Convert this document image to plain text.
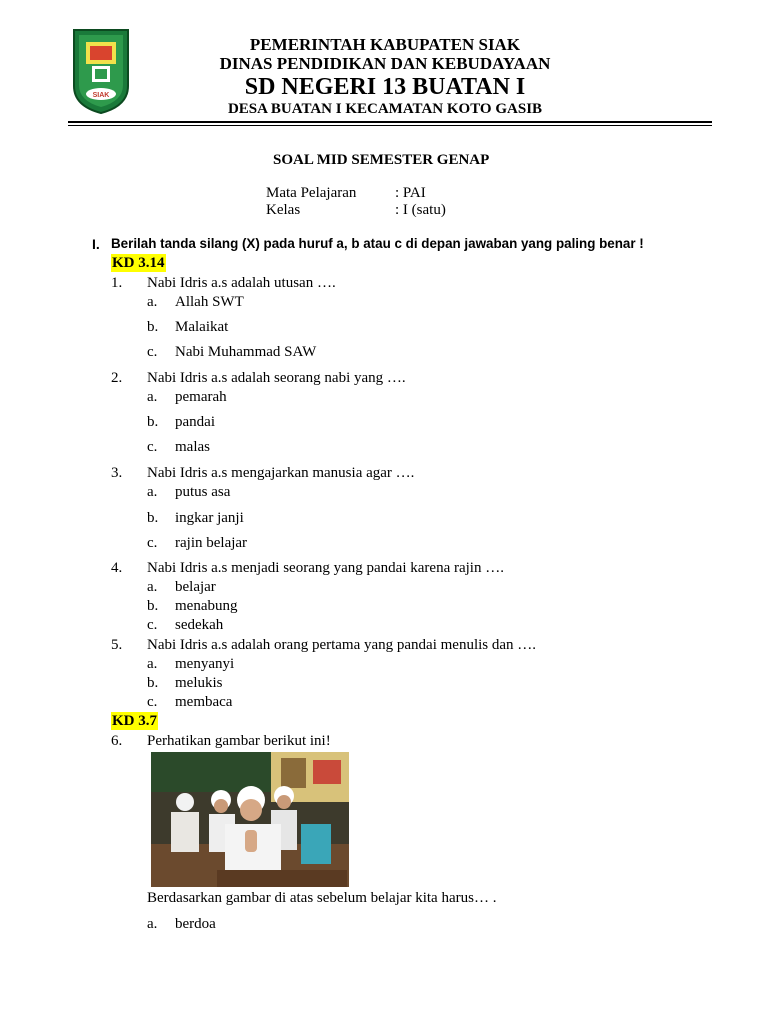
SIAK
PEMERINTAH KABUPATEN SIAK
DINAS PENDIDIKAN DAN KEBUDAYAAN
SD NEGERI 13 BUATAN I
DESA BUATAN I KECAMATAN KOTO GASIB
SOAL MID SEMESTER GENAP
Mata Pelajaran	: PAI
Kelas	: I (satu)
I. Berilah tanda silang (X) pada huruf a, b atau c di depan jawaban yang paling benar !
KD 3.14
1. Nabi Idris a.s adalah utusan ….
a. Allah SWT
b. Malaikat
c. Nabi Muhammad SAW
2. Nabi Idris a.s adalah seorang nabi yang ….
a. pemarah
b. pandai
c. malas
3. Nabi Idris a.s mengajarkan manusia agar ….
a. putus asa
b. ingkar janji
c. rajin belajar
4. Nabi Idris a.s menjadi seorang yang pandai karena rajin ….
a. belajar
b. menabung
c. sedekah
5. Nabi Idris a.s adalah orang pertama yang pandai menulis dan ….
a. menyanyi
b. melukis
c. membaca
KD 3.7
6. Perhatikan gambar berikut ini!
Berdasarkan gambar di atas sebelum belajar kita harus… .
a. berdoa
